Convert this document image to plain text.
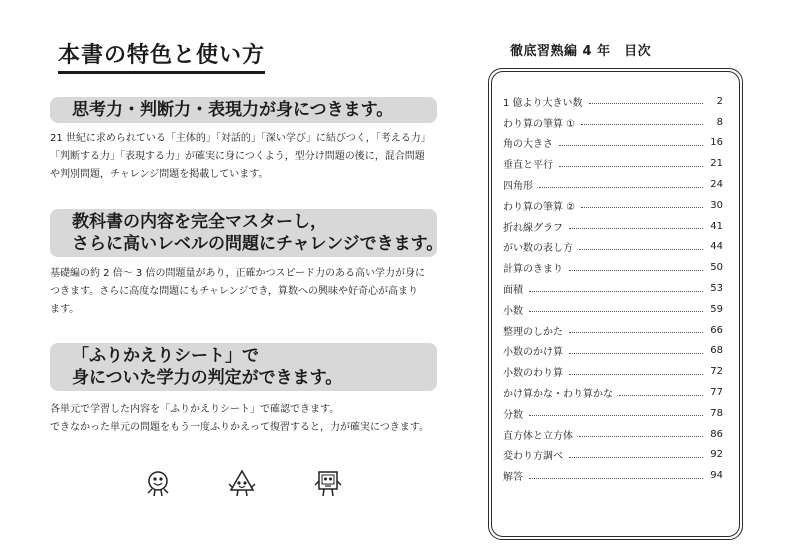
本書の特色と使い方
思考力・判断力・表現力が身につきます。
21 世紀に求められている「主体的」「対話的」「深い学び」に結びつく，「考える力」
「判断する力」「表現する力」が確実に身につくよう，型分け問題の後に，混合問題
や判別問題，チャレンジ問題を掲載しています。
教科書の内容を完全マスターし，
さらに高いレベルの問題にチャレンジできます。
基礎編の約 2 倍～ 3 倍の問題量があり，正確かつスピード力のある高い学力が身に
つきます。さらに高度な問題にもチャレンジでき，算数への興味や好奇心が高まり
ます。
「ふりかえりシート」で
身についた学力の判定ができます。
各単元で学習した内容を「ふりかえりシート」で確認できます。
できなかった単元の問題をもう一度ふりかえって復習すると，力が確実につきます。
徹底習熟編 4 年　目次
1 億より大きい数	2
わり算の筆算 ①	8
角の大きさ	16
垂直と平行	21
四角形	24
わり算の筆算 ②	30
折れ線グラフ	41
がい数の表し方	44
計算のきまり	50
面積	53
小数	59
整理のしかた	66
小数のかけ算	68
小数のわり算	72
かけ算かな・わり算かな	77
分数	78
直方体と立方体	86
変わり方調べ	92
解答	94
